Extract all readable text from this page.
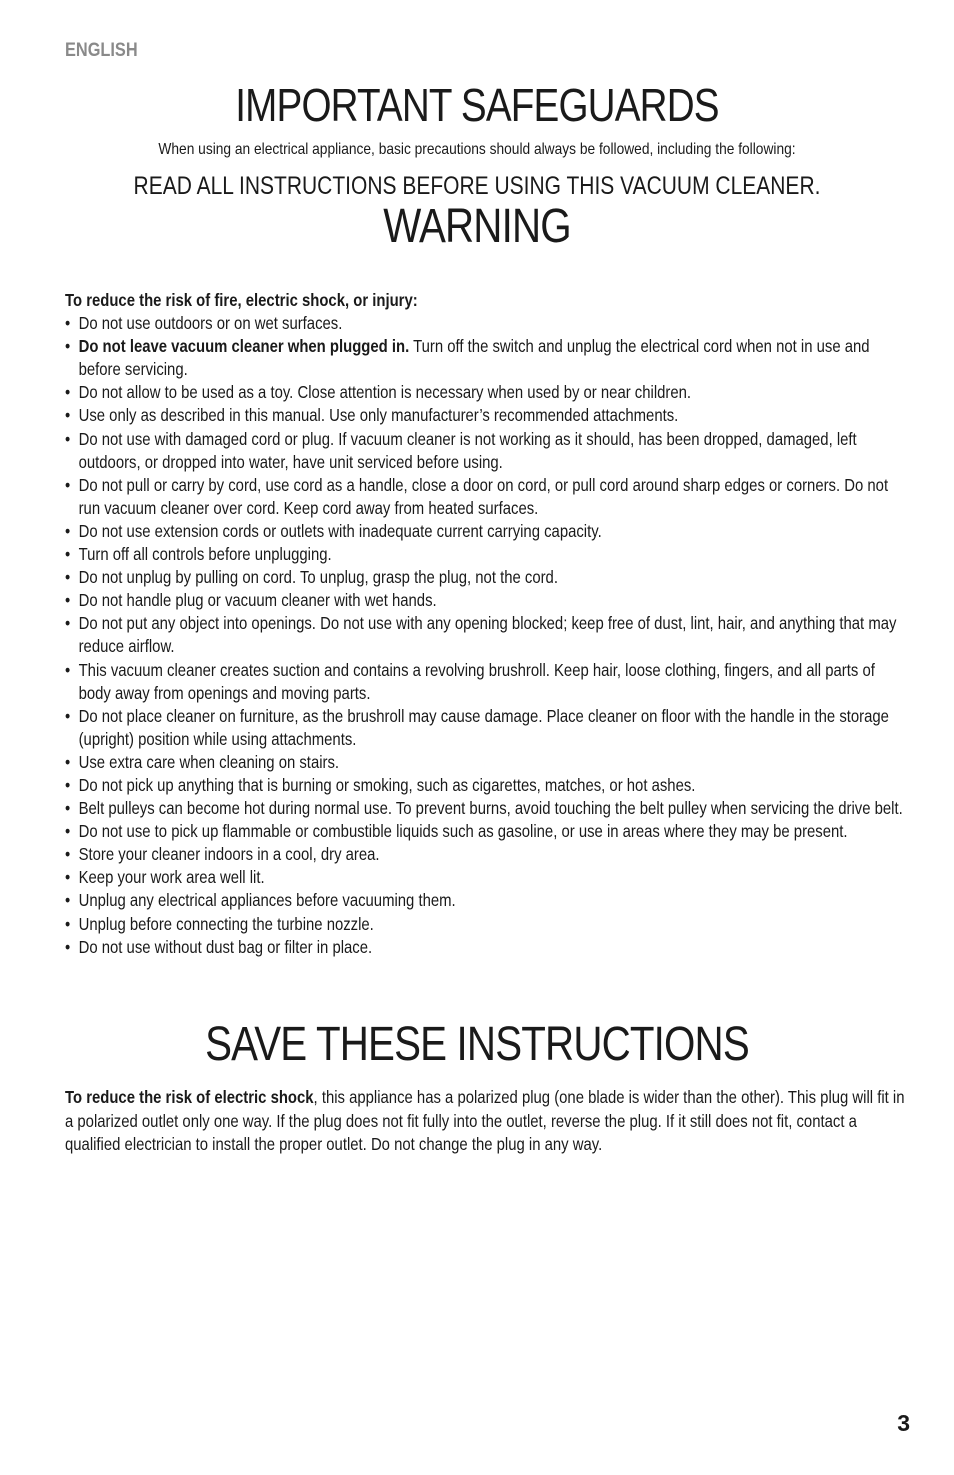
ENGLISH
IMPORTANT SAFEGUARDS

When using an electrical appliance, basic precautions should always be followed, including the following:

READ ALL INSTRUCTIONS BEFORE USING THIS VACUUM CLEANER.

WARNING

To reduce the risk of fire, electric shock, or injury:

• Do not use outdoors or on wet surfaces.
• Do not leave vacuum cleaner when plugged in. Turn off the switch and unplug the electrical cord when not in use and before servicing.
• Do not allow to be used as a toy. Close attention is necessary when used by or near children.
• Use only as described in this manual. Use only manufacturer’s recommended attachments.
• Do not use with damaged cord or plug. If vacuum cleaner is not working as it should, has been dropped, damaged, left outdoors, or dropped into water, have unit serviced before using.
• Do not pull or carry by cord, use cord as a handle, close a door on cord, or pull cord around sharp edges or corners. Do not run vacuum cleaner over cord. Keep cord away from heated surfaces.
• Do not use extension cords or outlets with inadequate current carrying capacity.
• Turn off all controls before unplugging.
• Do not unplug by pulling on cord. To unplug, grasp the plug, not the cord.
• Do not handle plug or vacuum cleaner with wet hands.
• Do not put any object into openings. Do not use with any opening blocked; keep free of dust, lint, hair, and anything that may reduce airflow.
• This vacuum cleaner creates suction and contains a revolving brushroll. Keep hair, loose clothing, fingers, and all parts of body away from openings and moving parts.
• Do not place cleaner on furniture, as the brushroll may cause damage. Place cleaner on floor with the handle in the storage (upright) position while using attachments.
• Use extra care when cleaning on stairs.
• Do not pick up anything that is burning or smoking, such as cigarettes, matches, or hot ashes.
• Belt pulleys can become hot during normal use. To prevent burns, avoid touching the belt pulley when servicing the drive belt.
• Do not use to pick up flammable or combustible liquids such as gasoline, or use in areas where they may be present.
• Store your cleaner indoors in a cool, dry area.
• Keep your work area well lit.
• Unplug any electrical appliances before vacuuming them.
• Unplug before connecting the turbine nozzle.
• Do not use without dust bag or filter in place.
SAVE THESE INSTRUCTIONS

To reduce the risk of electric shock, this appliance has a polarized plug (one blade is wider than the other). This plug will fit in a polarized outlet only one way. If the plug does not fit fully into the outlet, reverse the plug. If it still does not fit, contact a qualified electrician to install the proper outlet. Do not change the plug in any way.

3
